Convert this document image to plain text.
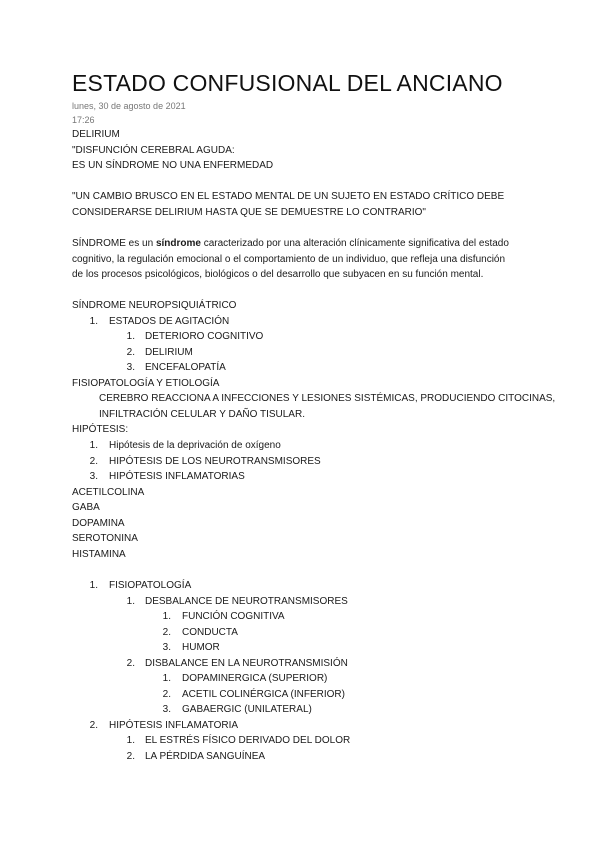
ESTADO CONFUSIONAL DEL ANCIANO
lunes, 30 de agosto de 2021
17:26
DELIRIUM
"DISFUNCIÓN CEREBRAL AGUDA:
ES UN SÍNDROME NO UNA ENFERMEDAD
"UN CAMBIO BRUSCO EN EL ESTADO MENTAL DE UN SUJETO EN ESTADO CRÍTICO DEBE
CONSIDERARSE DELIRIUM HASTA QUE SE DEMUESTRE LO CONTRARIO"
SÍNDROME es un síndrome caracterizado por una alteración clínicamente significativa del estado
cognitivo, la regulación emocional o el comportamiento de un individuo, que refleja una disfunción
de los procesos psicológicos, biológicos o del desarrollo que subyacen en su función mental.
SÍNDROME NEUROPSIQUIÁTRICO
1. ESTADOS DE AGITACIÓN
1. DETERIORO COGNITIVO
2. DELIRIUM
3. ENCEFALOPATÍA
FISIOPATOLOGÍA Y ETIOLOGÍA
CEREBRO REACCIONA A INFECCIONES Y LESIONES SISTÉMICAS, PRODUCIENDO CITOCINAS,
INFILTRACIÓN CELULAR Y DAÑO TISULAR.
HIPÓTESIS:
1. Hipótesis de la deprivación de oxígeno
2. HIPÓTESIS DE LOS NEUROTRANSMISORES
3. HIPÓTESIS INFLAMATORIAS
ACETILCOLINA
GABA
DOPAMINA
SEROTONINA
HISTAMINA
1. FISIOPATOLOGÍA
1. DESBALANCE DE NEUROTRANSMISORES
1. FUNCIÓN COGNITIVA
2. CONDUCTA
3. HUMOR
2. DISBALANCE EN LA NEUROTRANSMISIÓN
1. DOPAMINERGICA (SUPERIOR)
2. ACETIL COLINÉRGICA (INFERIOR)
3. GABAERGIC (UNILATERAL)
2. HIPÓTESIS INFLAMATORIA
1. EL ESTRÉS FÍSICO DERIVADO DEL DOLOR
2. LA PÉRDIDA SANGUÍNEA
